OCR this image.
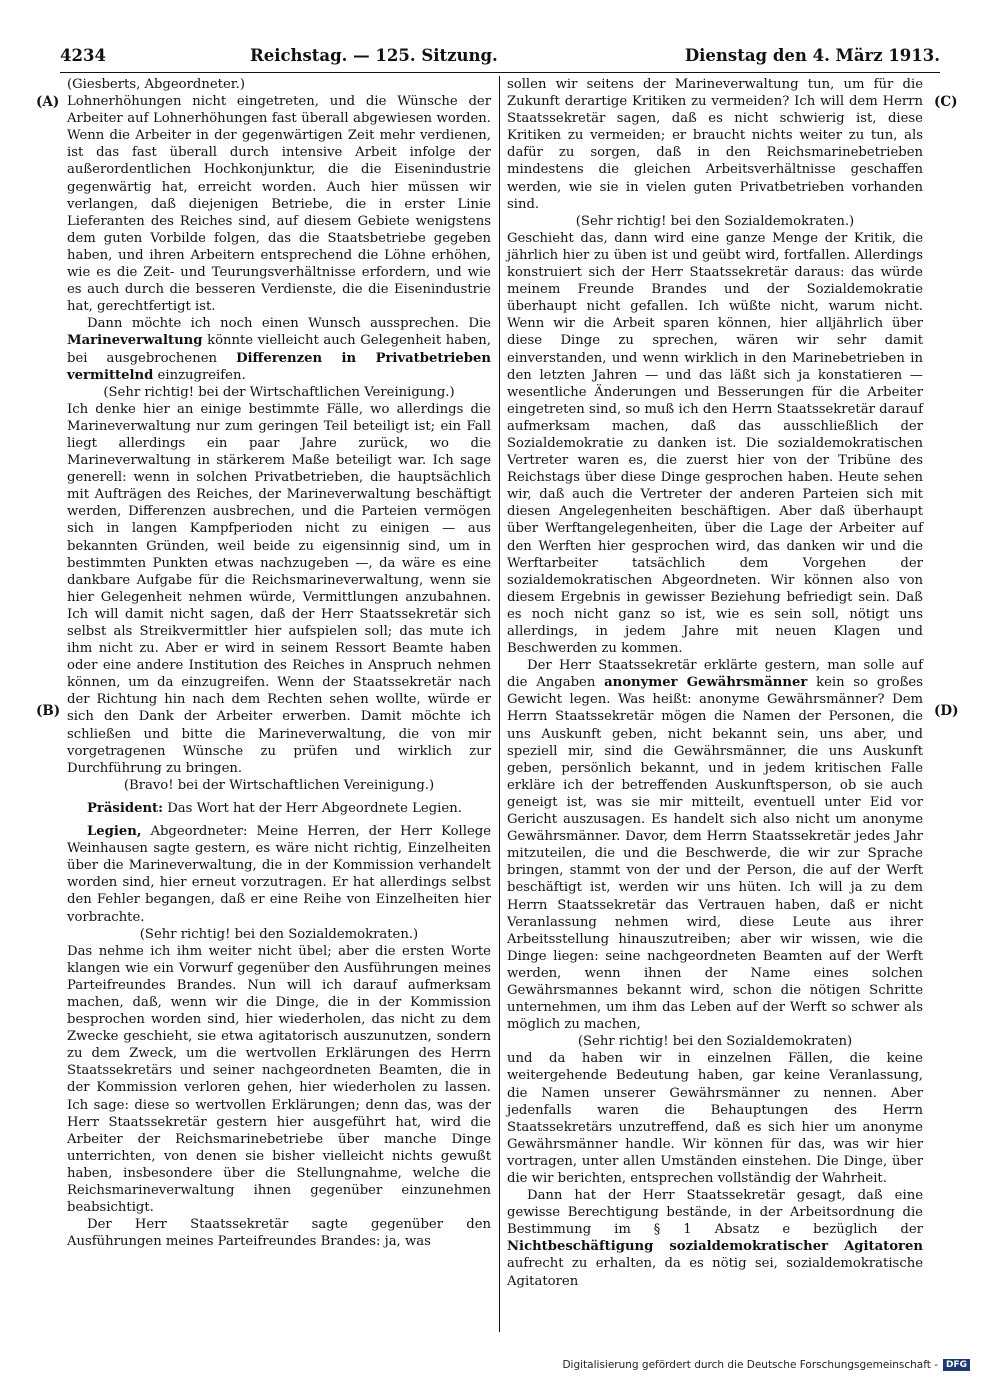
4234	Reichstag. — 125. Sitzung.	Dienstag den 4. März 1913.
(A)
(B)
(C)
(D)

(Giesberts, Abgeordneter.)

Lohnerhöhungen nicht eingetreten, und die Wünsche der Arbeiter auf Lohnerhöhungen fast überall abgewiesen worden. Wenn die Arbeiter in der gegenwärtigen Zeit mehr verdienen, ist das fast überall durch intensive Arbeit infolge der außerordentlichen Hochkonjunktur, die die Eisenindustrie gegenwärtig hat, erreicht worden. Auch hier müssen wir verlangen, daß diejenigen Betriebe, die in erster Linie Lieferanten des Reiches sind, auf diesem Gebiete wenigstens dem guten Vorbilde folgen, das die Staatsbetriebe gegeben haben, und ihren Arbeitern entsprechend die Löhne erhöhen, wie es die Zeit- und Teurungsverhältnisse erfordern, und wie es auch durch die besseren Verdienste, die die Eisenindustrie hat, gerechtfertigt ist.

Dann möchte ich noch einen Wunsch aussprechen. Die Marineverwaltung könnte vielleicht auch Gelegenheit haben, bei ausgebrochenen Differenzen in Privatbetrieben vermittelnd einzugreifen.

(Sehr richtig! bei der Wirtschaftlichen Vereinigung.)

Ich denke hier an einige bestimmte Fälle, wo allerdings die Marineverwaltung nur zum geringen Teil beteiligt ist; ein Fall liegt allerdings ein paar Jahre zurück, wo die Marineverwaltung in stärkerem Maße beteiligt war. Ich sage generell: wenn in solchen Privatbetrieben, die hauptsächlich mit Aufträgen des Reiches, der Marineverwaltung beschäftigt werden, Differenzen ausbrechen, und die Parteien vermögen sich in langen Kampfperioden nicht zu einigen — aus bekannten Gründen, weil beide zu eigensinnig sind, um in bestimmten Punkten etwas nachzugeben —, da wäre es eine dankbare Aufgabe für die Reichsmarineverwaltung, wenn sie hier Gelegenheit nehmen würde, Vermittlungen anzubahnen. Ich will damit nicht sagen, daß der Herr Staatssekretär sich selbst als Streikvermittler hier aufspielen soll; das mute ich ihm nicht zu. Aber er wird in seinem Ressort Beamte haben oder eine andere Institution des Reiches in Anspruch nehmen können, um da einzugreifen. Wenn der Staatssekretär nach der Richtung hin nach dem Rechten sehen wollte, würde er sich den Dank der Arbeiter erwerben. Damit möchte ich schließen und bitte die Marineverwaltung, die von mir vorgetragenen Wünsche zu prüfen und wirklich zur Durchführung zu bringen.

(Bravo! bei der Wirtschaftlichen Vereinigung.)

Präsident: Das Wort hat der Herr Abgeordnete Legien.

Legien, Abgeordneter: Meine Herren, der Herr Kollege Weinhausen sagte gestern, es wäre nicht richtig, Einzelheiten über die Marineverwaltung, die in der Kommission verhandelt worden sind, hier erneut vorzutragen. Er hat allerdings selbst den Fehler begangen, daß er eine Reihe von Einzelheiten hier vorbrachte.

(Sehr richtig! bei den Sozialdemokraten.)

Das nehme ich ihm weiter nicht übel; aber die ersten Worte klangen wie ein Vorwurf gegenüber den Ausführungen meines Parteifreundes Brandes. Nun will ich darauf aufmerksam machen, daß, wenn wir die Dinge, die in der Kommission besprochen worden sind, hier wiederholen, das nicht zu dem Zwecke geschieht, sie etwa agitatorisch auszunutzen, sondern zu dem Zweck, um die wertvollen Erklärungen des Herrn Staatssekretärs und seiner nachgeordneten Beamten, die in der Kommission verloren gehen, hier wiederholen zu lassen. Ich sage: diese so wertvollen Erklärungen; denn das, was der Herr Staatssekretär gestern hier ausgeführt hat, wird die Arbeiter der Reichsmarinebetriebe über manche Dinge unterrichten, von denen sie bisher vielleicht nichts gewußt haben, insbesondere über die Stellungnahme, welche die Reichsmarineverwaltung ihnen gegenüber einzunehmen beabsichtigt.

Der Herr Staatssekretär sagte gegenüber den Ausführungen meines Parteifreundes Brandes: ja, was

sollen wir seitens der Marineverwaltung tun, um für die Zukunft derartige Kritiken zu vermeiden? Ich will dem Herrn Staatssekretär sagen, daß es nicht schwierig ist, diese Kritiken zu vermeiden; er braucht nichts weiter zu tun, als dafür zu sorgen, daß in den Reichsmarinebetrieben mindestens die gleichen Arbeitsverhältnisse geschaffen werden, wie sie in vielen guten Privatbetrieben vorhanden sind.

(Sehr richtig! bei den Sozialdemokraten.)

Geschieht das, dann wird eine ganze Menge der Kritik, die jährlich hier zu üben ist und geübt wird, fortfallen. Allerdings konstruiert sich der Herr Staatssekretär daraus: das würde meinem Freunde Brandes und der Sozialdemokratie überhaupt nicht gefallen. Ich wüßte nicht, warum nicht. Wenn wir die Arbeit sparen können, hier alljährlich über diese Dinge zu sprechen, wären wir sehr damit einverstanden, und wenn wirklich in den Marinebetrieben in den letzten Jahren — und das läßt sich ja konstatieren — wesentliche Änderungen und Besserungen für die Arbeiter eingetreten sind, so muß ich den Herrn Staatssekretär darauf aufmerksam machen, daß das ausschließlich der Sozialdemokratie zu danken ist. Die sozialdemokratischen Vertreter waren es, die zuerst hier von der Tribüne des Reichstags über diese Dinge gesprochen haben. Heute sehen wir, daß auch die Vertreter der anderen Parteien sich mit diesen Angelegenheiten beschäftigen. Aber daß überhaupt über Werftangelegenheiten, über die Lage der Arbeiter auf den Werften hier gesprochen wird, das danken wir und die Werftarbeiter tatsächlich dem Vorgehen der sozialdemokratischen Abgeordneten. Wir können also von diesem Ergebnis in gewisser Beziehung befriedigt sein. Daß es noch nicht ganz so ist, wie es sein soll, nötigt uns allerdings, in jedem Jahre mit neuen Klagen und Beschwerden zu kommen.

Der Herr Staatssekretär erklärte gestern, man solle auf die Angaben anonymer Gewährsmänner kein so großes Gewicht legen. Was heißt: anonyme Gewährsmänner? Dem Herrn Staatssekretär mögen die Namen der Personen, die uns Auskunft geben, nicht bekannt sein, uns aber, und speziell mir, sind die Gewährsmänner, die uns Auskunft geben, persönlich bekannt, und in jedem kritischen Falle erkläre ich der betreffenden Auskunftsperson, ob sie auch geneigt ist, was sie mir mitteilt, eventuell unter Eid vor Gericht auszusagen. Es handelt sich also nicht um anonyme Gewährsmänner. Davor, dem Herrn Staatssekretär jedes Jahr mitzuteilen, die und die Beschwerde, die wir zur Sprache bringen, stammt von der und der Person, die auf der Werft beschäftigt ist, werden wir uns hüten. Ich will ja zu dem Herrn Staatssekretär das Vertrauen haben, daß er nicht Veranlassung nehmen wird, diese Leute aus ihrer Arbeitsstellung hinauszutreiben; aber wir wissen, wie die Dinge liegen: seine nachgeordneten Beamten auf der Werft werden, wenn ihnen der Name eines solchen Gewährsmannes bekannt wird, schon die nötigen Schritte unternehmen, um ihm das Leben auf der Werft so schwer als möglich zu machen,

(Sehr richtig! bei den Sozialdemokraten)

und da haben wir in einzelnen Fällen, die keine weitergehende Bedeutung haben, gar keine Veranlassung, die Namen unserer Gewährsmänner zu nennen. Aber jedenfalls waren die Behauptungen des Herrn Staatssekretärs unzutreffend, daß es sich hier um anonyme Gewährsmänner handle. Wir können für das, was wir hier vortragen, unter allen Umständen einstehen. Die Dinge, über die wir berichten, entsprechen vollständig der Wahrheit.

Dann hat der Herr Staatssekretär gesagt, daß eine gewisse Berechtigung bestände, in der Arbeitsordnung die Bestimmung im § 1 Absatz e bezüglich der Nichtbeschäftigung sozialdemokratischer Agitatoren aufrecht zu erhalten, da es nötig sei, sozialdemokratische Agitatoren

Digitalisierung gefördert durch die Deutsche Forschungsgemeinschaft - DFG
